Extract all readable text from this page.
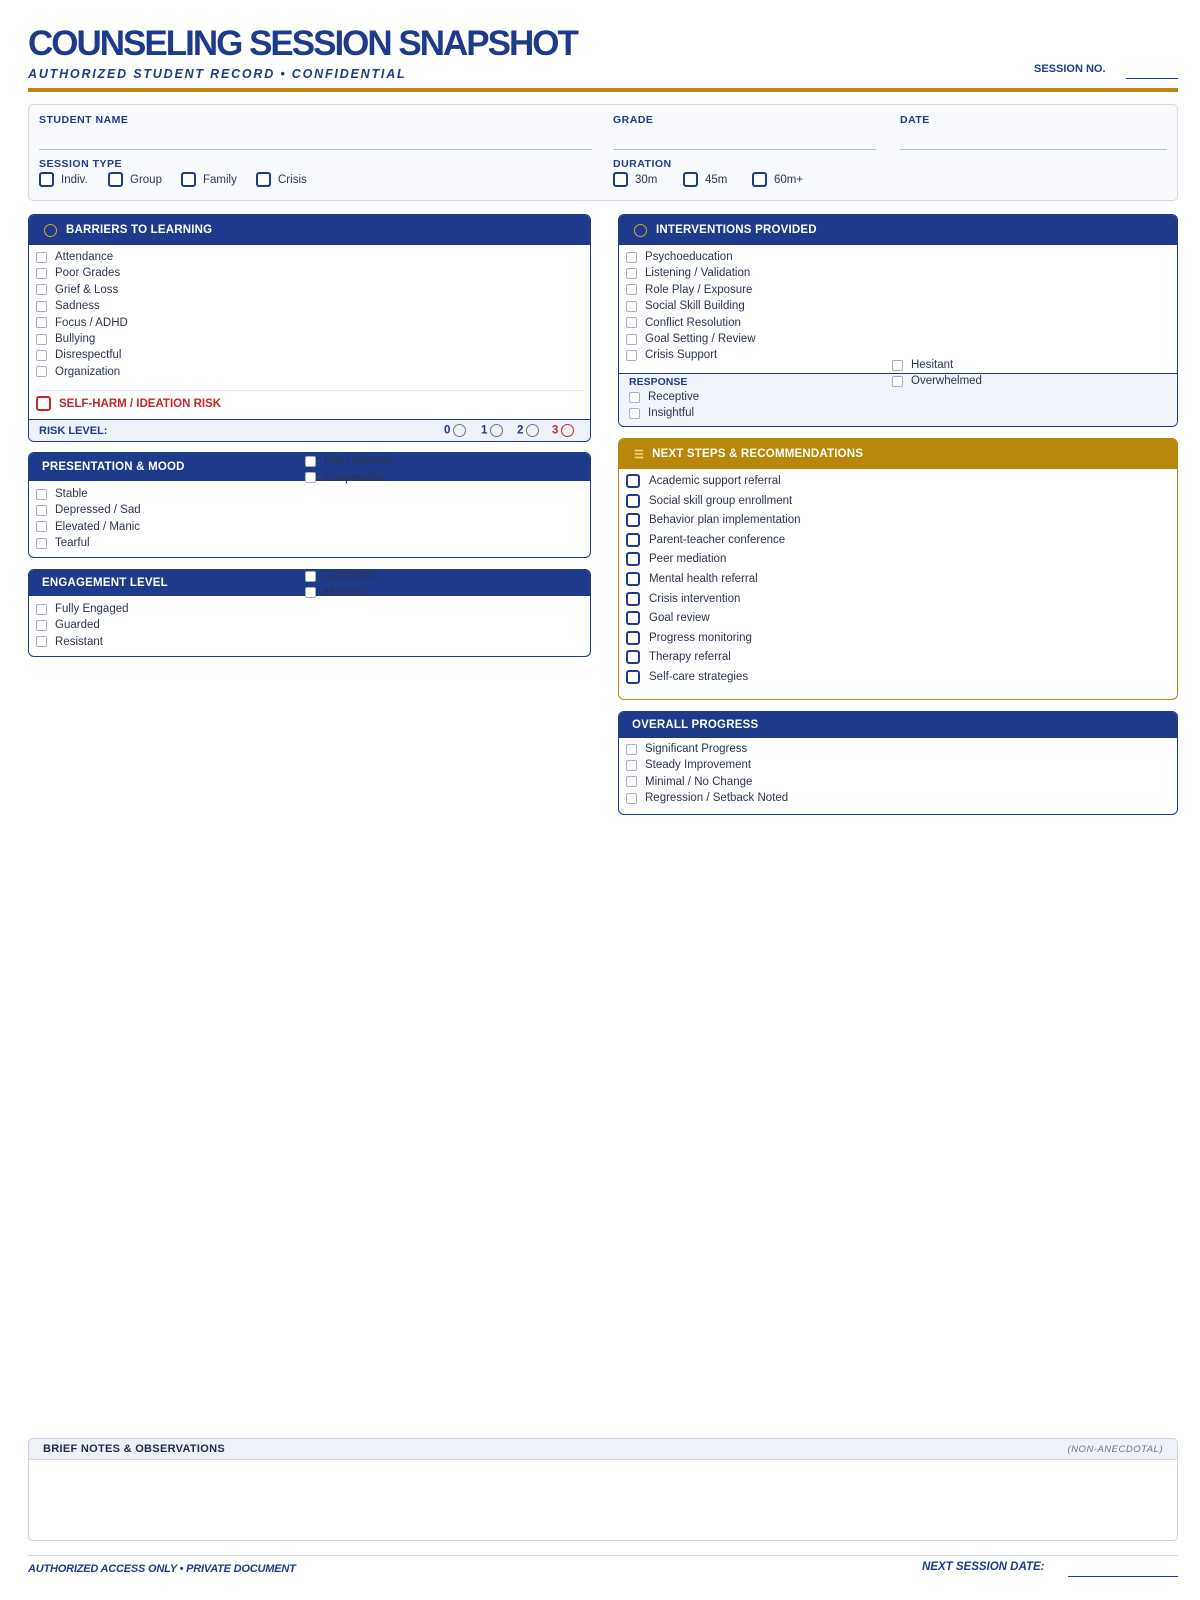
COUNSELING SESSION SNAPSHOT
AUTHORIZED STUDENT RECORD • CONFIDENTIAL	SESSION NO.
STUDENT NAME	GRADE	DATE
SESSION TYPE
Indiv.	Group	Family	Crisis
DURATION
30m	45m	60m+
BARRIERS TO LEARNING
Attendance
Poor Grades
Grief & Loss
Sadness
Focus / ADHD
Bullying
Disrespectful
Organization
SELF-HARM / IDEATION RISK
RISK LEVEL:	0	1	2	3
PRESENTATION & MOOD
Stable
Depressed / Sad
Elevated / Manic
Tearful
Flat / Blunted
Cooperative
ENGAGEMENT LEVEL
Fully Engaged
Guarded
Resistant
Distracted
Minimal
INTERVENTIONS PROVIDED
Psychoeducation
Listening / Validation
Role Play / Exposure
Social Skill Building
Conflict Resolution
Goal Setting / Review
Crisis Support
RESPONSE
Receptive
Insightful
Hesitant
Overwhelmed
☰ NEXT STEPS & RECOMMENDATIONS
Academic support referral
Social skill group enrollment
Behavior plan implementation
Parent-teacher conference
Peer mediation
Mental health referral
Crisis intervention
Goal review
Progress monitoring
Therapy referral
Self-care strategies
OVERALL PROGRESS
Significant Progress
Steady Improvement
Minimal / No Change
Regression / Setback Noted
BRIEF NOTES & OBSERVATIONS	(NON-ANECDOTAL)
AUTHORIZED ACCESS ONLY • PRIVATE DOCUMENT	NEXT SESSION DATE:
